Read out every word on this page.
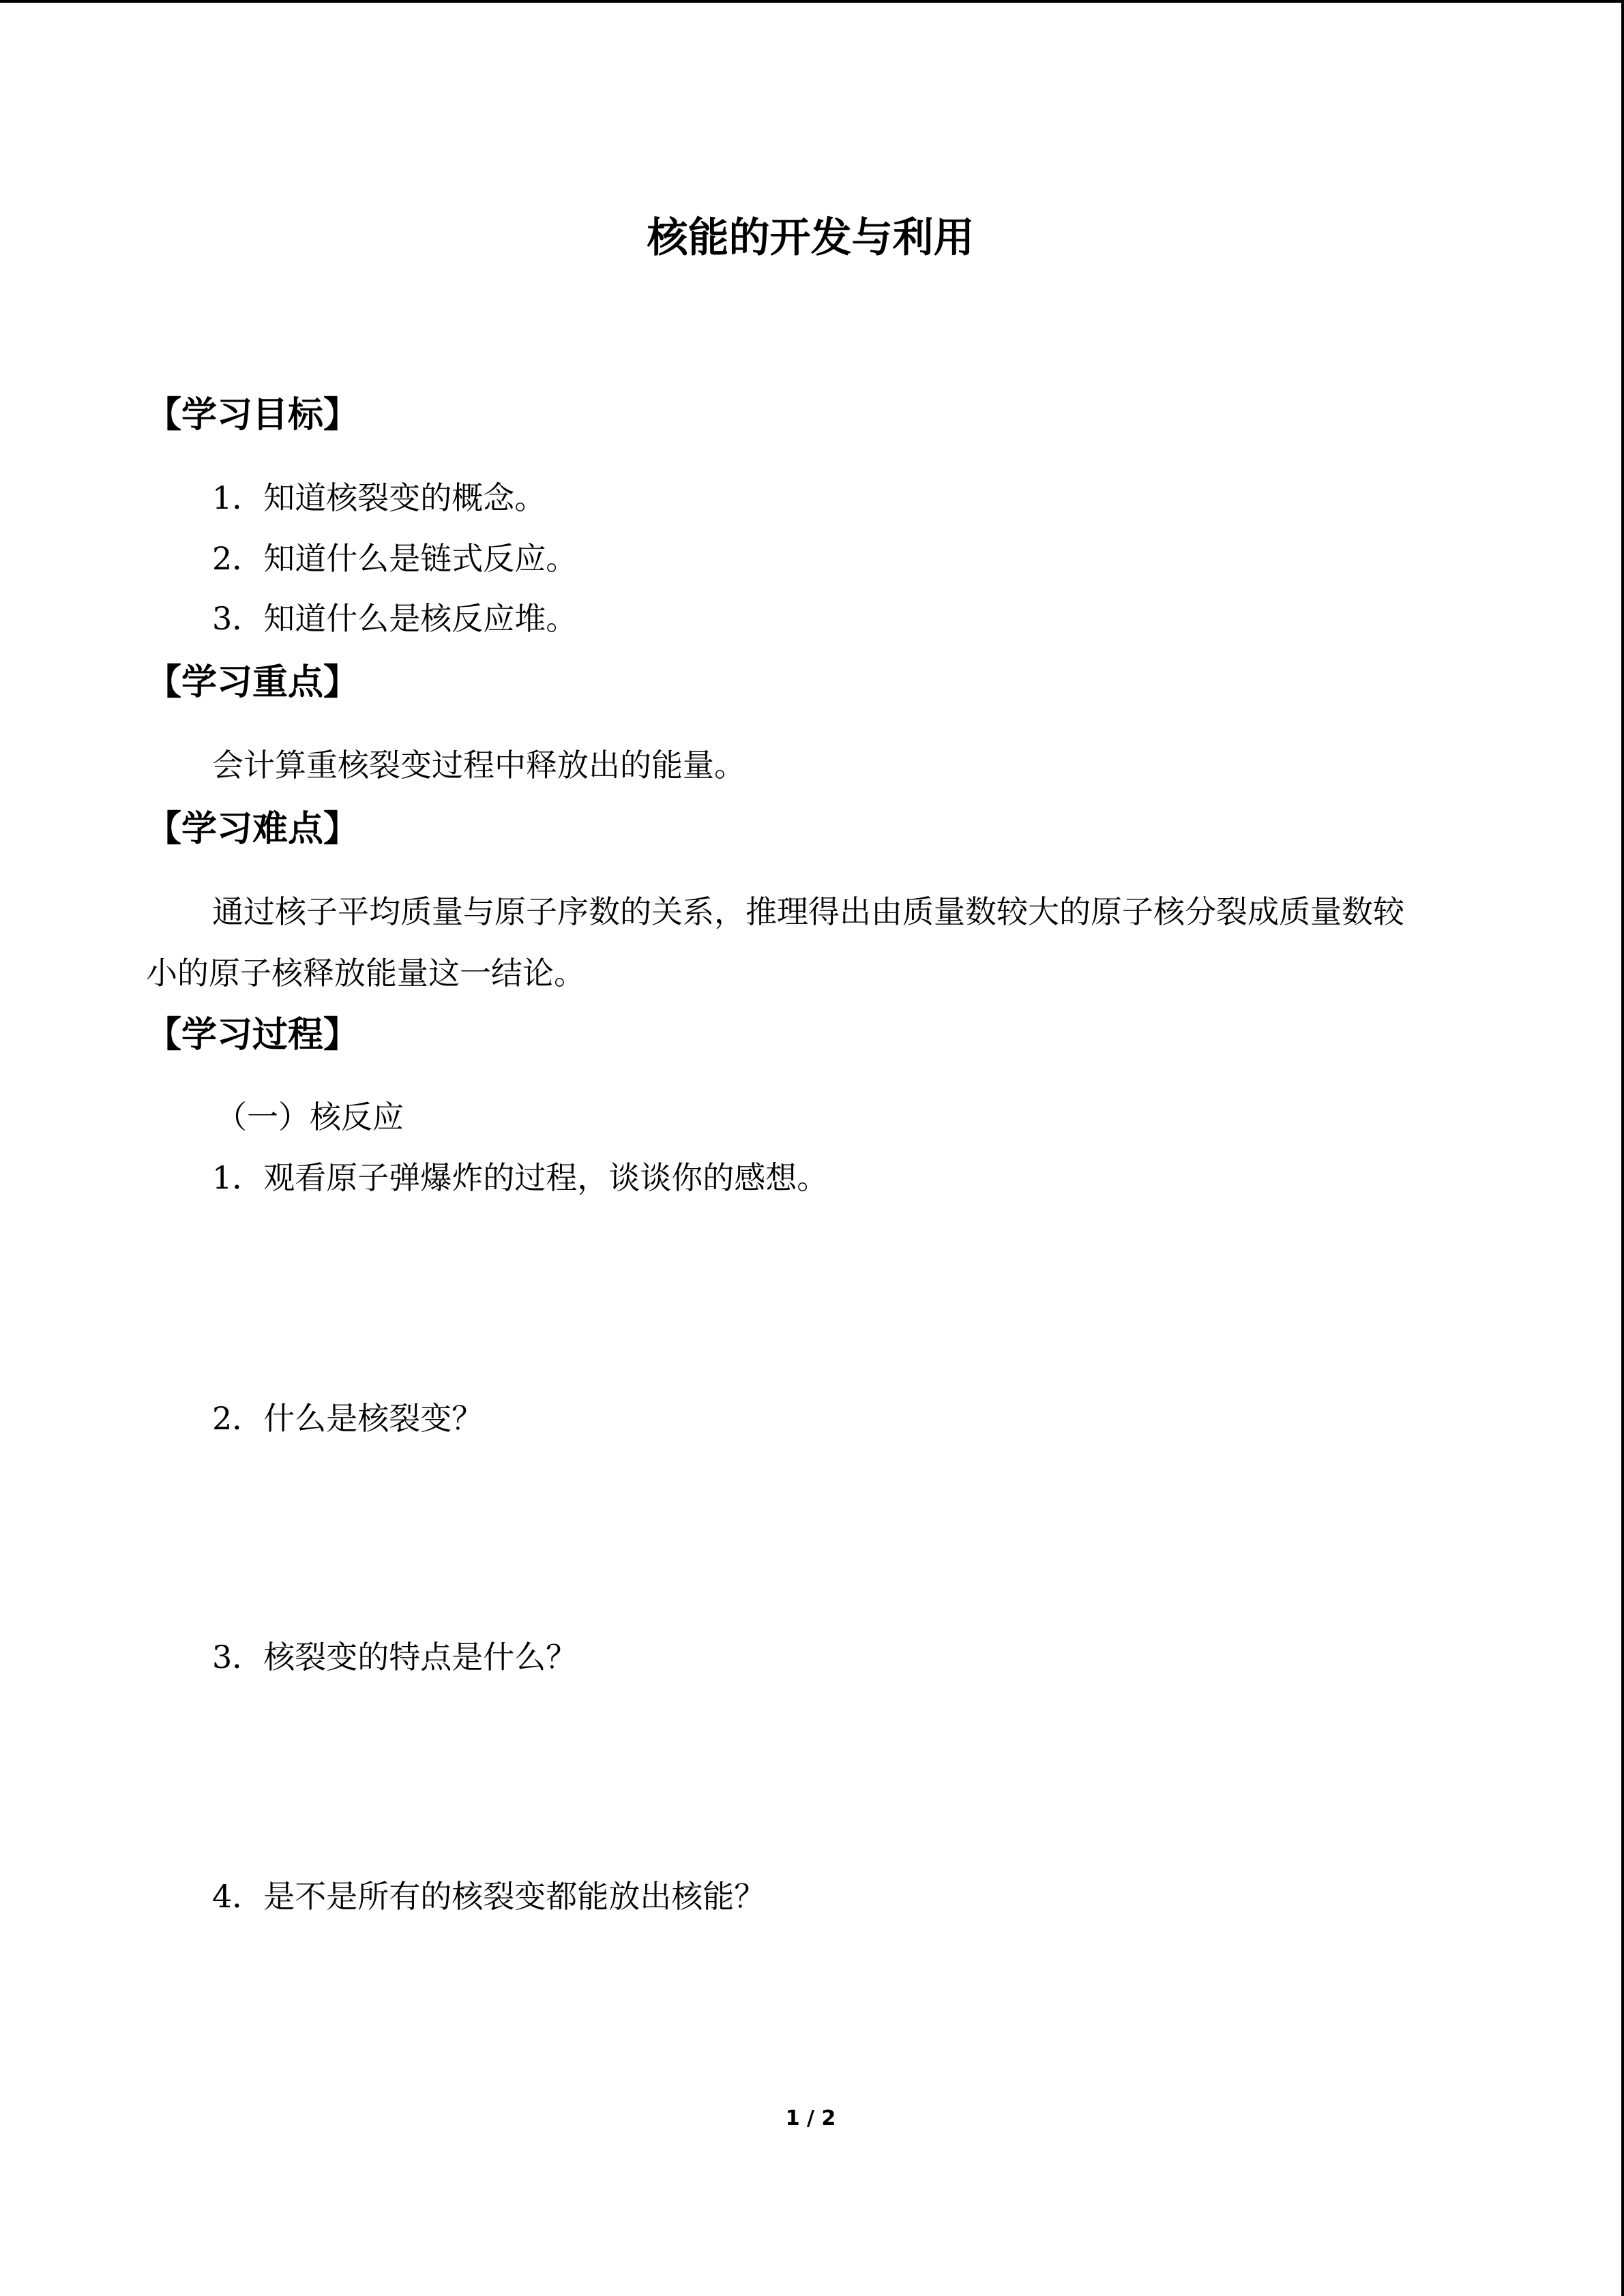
核能的开发与利用
【学习目标】
1．知道核裂变的概念。
2．知道什么是链式反应。
3．知道什么是核反应堆。
【学习重点】
会计算重核裂变过程中释放出的能量。
【学习难点】
通过核子平均质量与原子序数的关系，推理得出由质量数较大的原子核分裂成质量数较
小的原子核释放能量这一结论。
【学习过程】
（一）核反应
1．观看原子弹爆炸的过程，谈谈你的感想。
2．什么是核裂变？
3．核裂变的特点是什么？
4．是不是所有的核裂变都能放出核能？
1 / 2
